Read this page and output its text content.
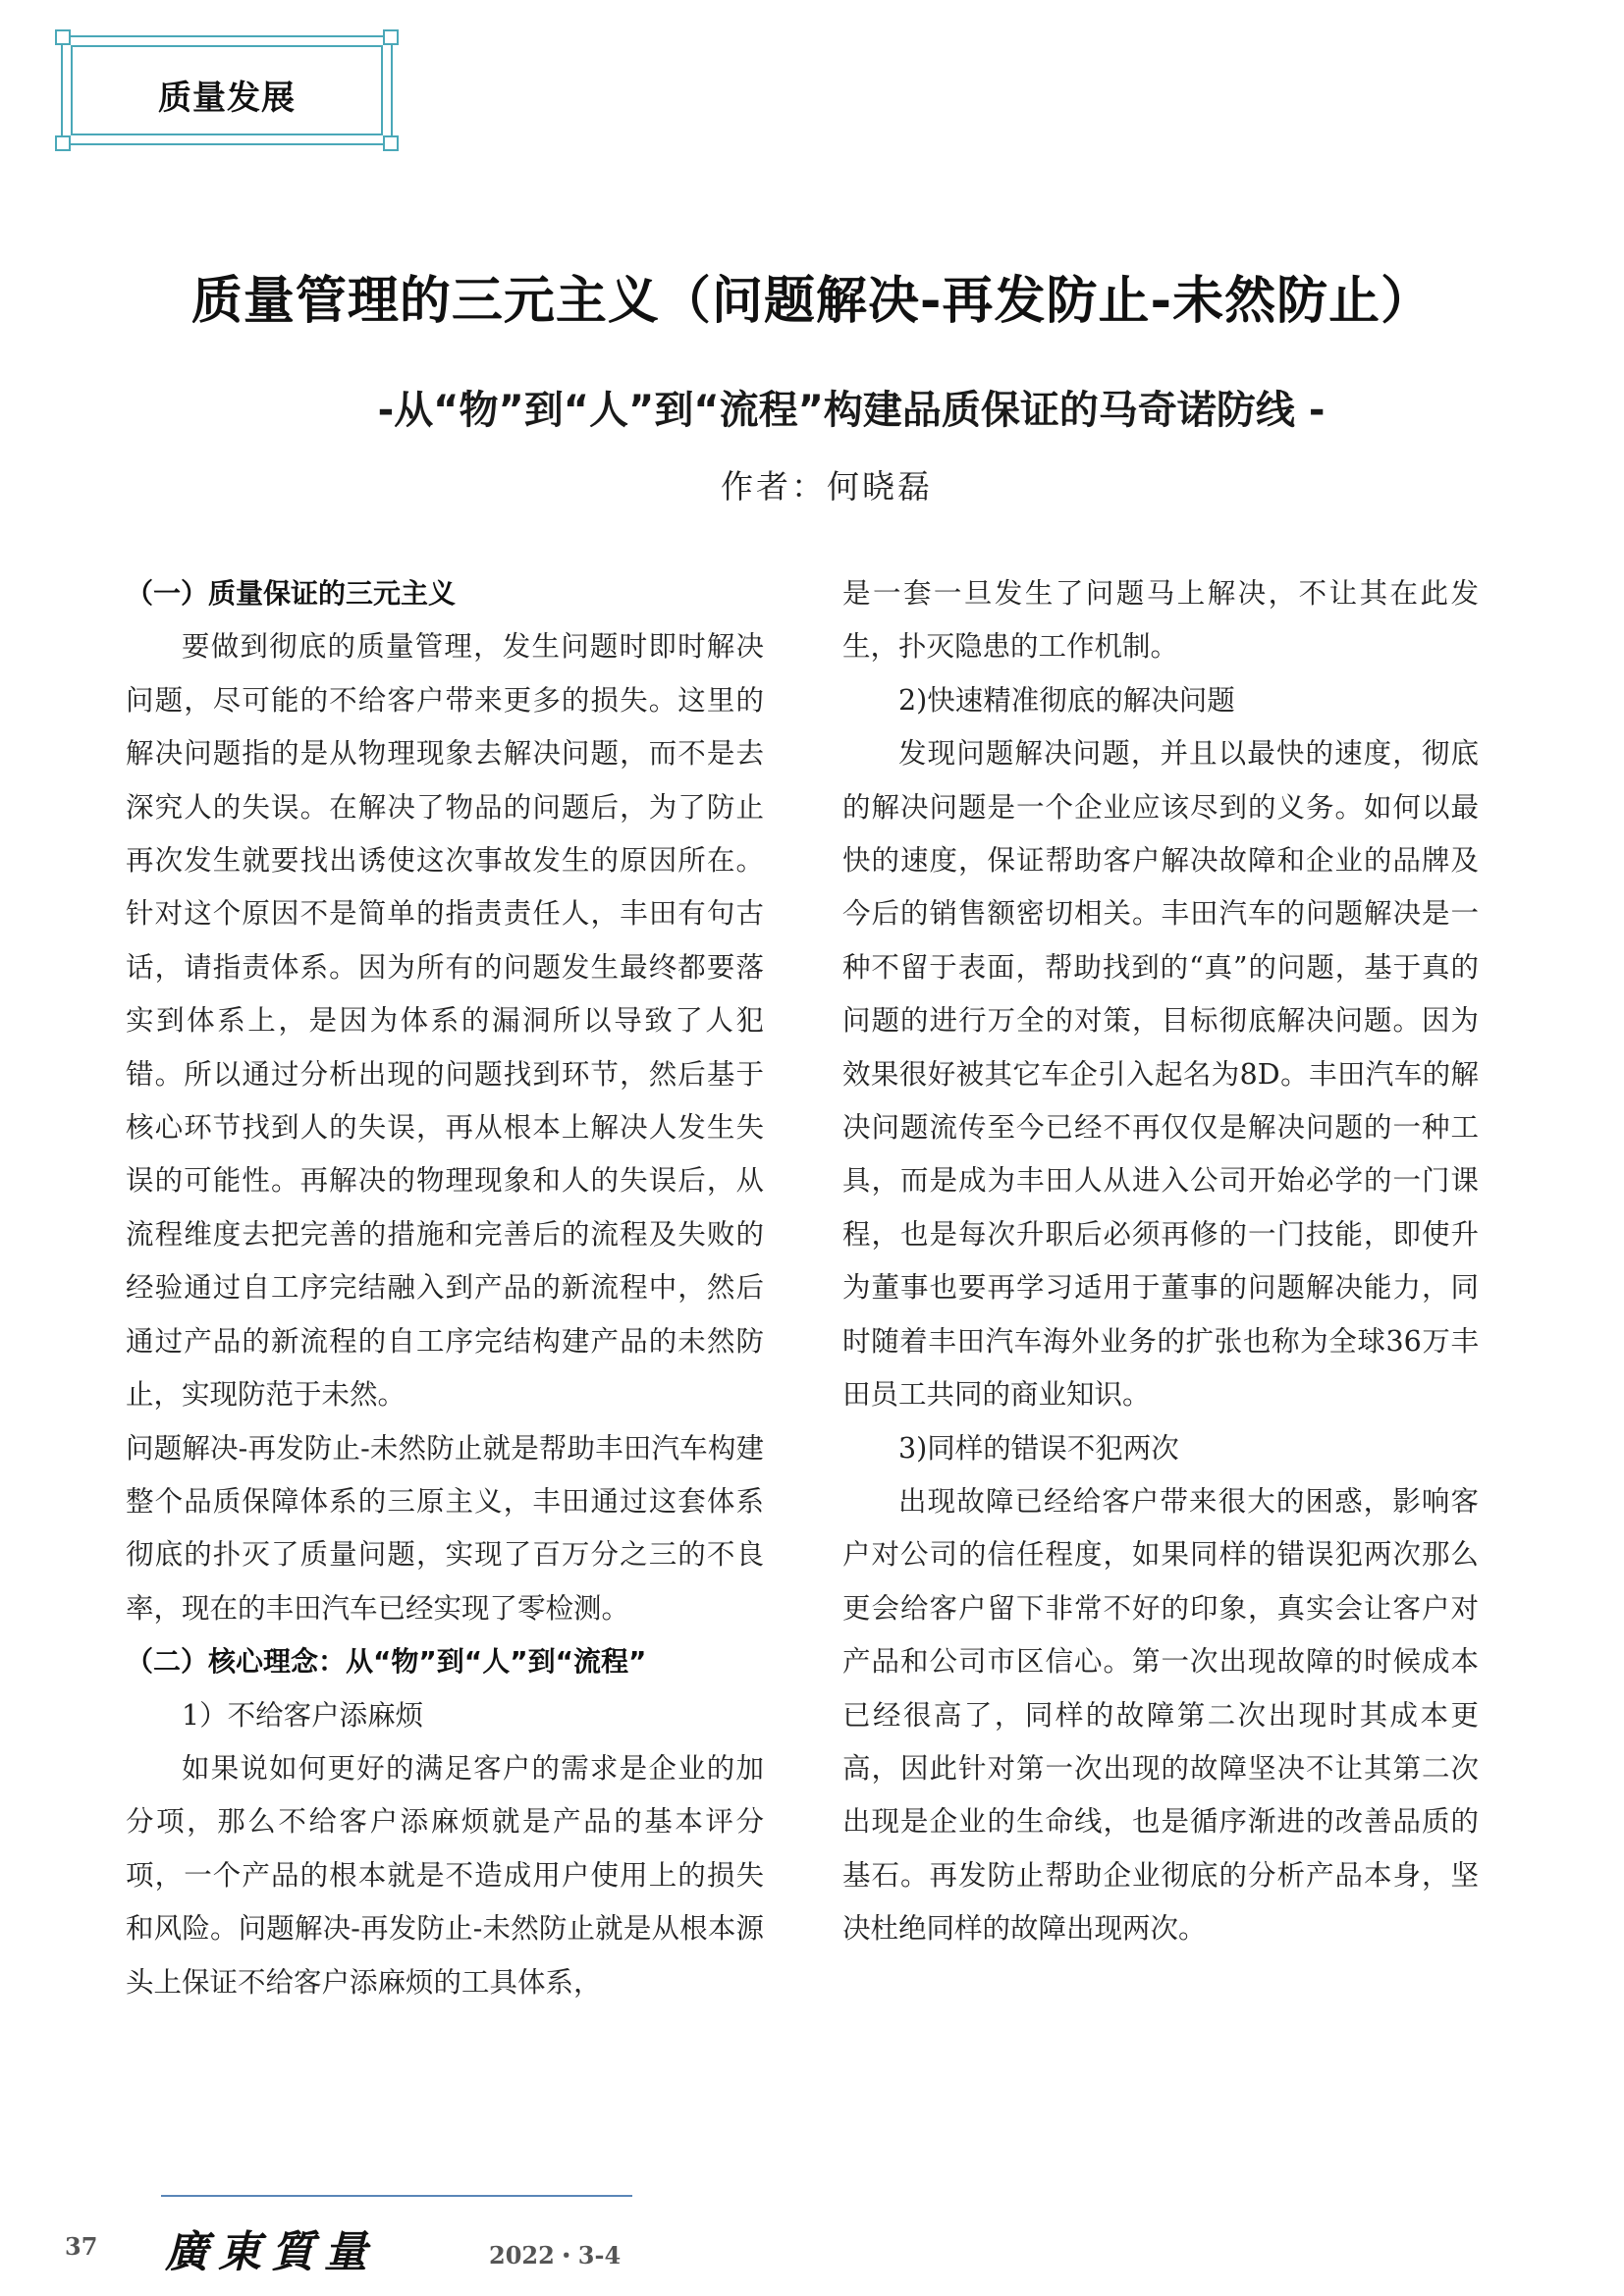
质量发展
质量管理的三元主义（问题解决-再发防止-未然防止）
-从“物”到“人”到“流程”构建品质保证的马奇诺防线 -
作者：何晓磊

（一）质量保证的三元主义

要做到彻底的质量管理，发生问题时即时解决问题，尽可能的不给客户带来更多的损失。这里的解决问题指的是从物理现象去解决问题，而不是去深究人的失误。在解决了物品的问题后，为了防止再次发生就要找出诱使这次事故发生的原因所在。针对这个原因不是简单的指责责任人，丰田有句古话，请指责体系。因为所有的问题发生最终都要落实到体系上，是因为体系的漏洞所以导致了人犯错。所以通过分析出现的问题找到环节，然后基于核心环节找到人的失误，再从根本上解决人发生失误的可能性。再解决的物理现象和人的失误后，从流程维度去把完善的措施和完善后的流程及失败的经验通过自工序完结融入到产品的新流程中，然后通过产品的新流程的自工序完结构建产品的未然防止，实现防范于未然。

问题解决-再发防止-未然防止就是帮助丰田汽车构建整个品质保障体系的三原主义，丰田通过这套体系彻底的扑灭了质量问题，实现了百万分之三的不良率，现在的丰田汽车已经实现了零检测。

（二）核心理念：从“物”到“人”到“流程”

1）不给客户添麻烦

如果说如何更好的满足客户的需求是企业的加分项，那么不给客户添麻烦就是产品的基本评分项，一个产品的根本就是不造成用户使用上的损失和风险。问题解决-再发防止-未然防止就是从根本源头上保证不给客户添麻烦的工具体系，

是一套一旦发生了问题马上解决，不让其在此发生，扑灭隐患的工作机制。

2)快速精准彻底的解决问题

发现问题解决问题，并且以最快的速度，彻底的解决问题是一个企业应该尽到的义务。如何以最快的速度，保证帮助客户解决故障和企业的品牌及今后的销售额密切相关。丰田汽车的问题解决是一种不留于表面，帮助找到的“真”的问题，基于真的问题的进行万全的对策，目标彻底解决问题。因为效果很好被其它车企引入起名为8D。丰田汽车的解决问题流传至今已经不再仅仅是解决问题的一种工具，而是成为丰田人从进入公司开始必学的一门课程，也是每次升职后必须再修的一门技能，即使升为董事也要再学习适用于董事的问题解决能力，同时随着丰田汽车海外业务的扩张也称为全球36万丰田员工共同的商业知识。

3)同样的错误不犯两次

出现故障已经给客户带来很大的困惑，影响客户对公司的信任程度，如果同样的错误犯两次那么更会给客户留下非常不好的印象，真实会让客户对产品和公司市区信心。第一次出现故障的时候成本已经很高了，同样的故障第二次出现时其成本更高，因此针对第一次出现的故障坚决不让其第二次出现是企业的生命线，也是循序渐进的改善品质的基石。再发防止帮助企业彻底的分析产品本身，坚决杜绝同样的故障出现两次。

37 廣東質量	2022・3-4
